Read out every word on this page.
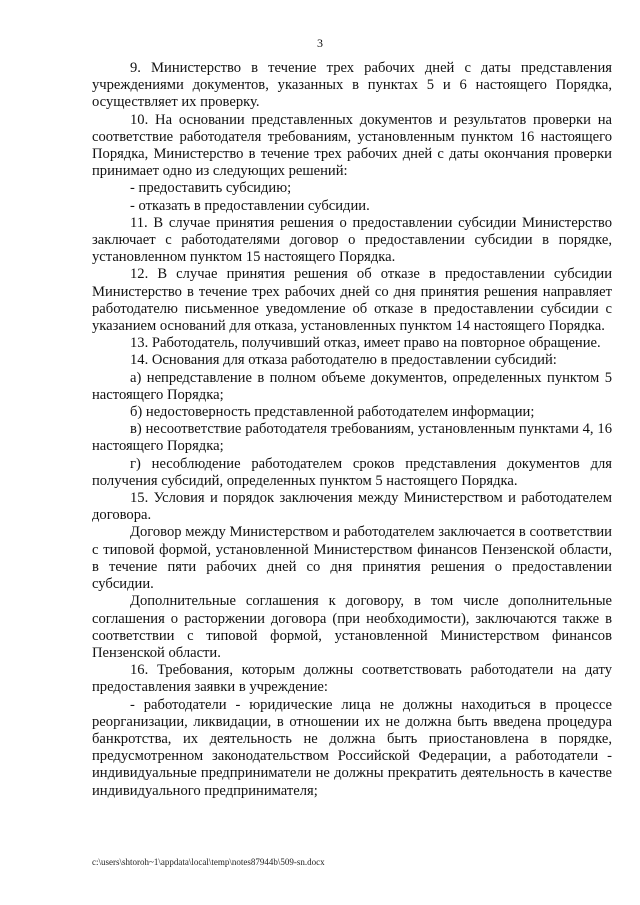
3

9. Министерство в течение трех рабочих дней с даты представления учреждениями документов, указанных в пунктах 5 и 6 настоящего Порядка, осуществляет их проверку.

10. На основании представленных документов и результатов проверки на соответствие работодателя требованиям, установленным пунктом 16 настоящего Порядка, Министерство в течение трех рабочих дней с даты окончания проверки принимает одно из следующих решений:

- предоставить субсидию;

- отказать в предоставлении субсидии.

11. В случае принятия решения о предоставлении субсидии Министерство заключает с работодателями договор о предоставлении субсидии в порядке, установленном пунктом 15 настоящего Порядка.

12. В случае принятия решения об отказе в предоставлении субсидии Министерство в течение трех рабочих дней со дня принятия решения направляет работодателю письменное уведомление об отказе в предоставлении субсидии с указанием оснований для отказа, установленных пунктом 14 настоящего Порядка.

13. Работодатель, получивший отказ, имеет право на повторное обращение.

14. Основания для отказа работодателю в предоставлении субсидий:

а) непредставление в полном объеме документов, определенных пунктом 5 настоящего Порядка;

б) недостоверность представленной работодателем информации;

в) несоответствие работодателя требованиям, установленным пунктами 4, 16 настоящего Порядка;

г) несоблюдение работодателем сроков представления документов для получения субсидий, определенных пунктом 5 настоящего Порядка.

15. Условия и порядок заключения между Министерством и работодателем договора.

Договор между Министерством и работодателем заключается в соответствии с типовой формой, установленной Министерством финансов Пензенской области, в течение пяти рабочих дней со дня принятия решения о предоставлении субсидии.

Дополнительные соглашения к договору, в том числе дополнительные соглашения о расторжении договора (при необходимости), заключаются также в соответствии с типовой формой, установленной Министерством финансов Пензенской области.

16. Требования, которым должны соответствовать работодатели на дату предоставления заявки в учреждение:

- работодатели - юридические лица не должны находиться в процессе реорганизации, ликвидации, в отношении их не должна быть введена процедура банкротства, их деятельность не должна быть приостановлена в порядке, предусмотренном законодательством Российской Федерации, а работодатели - индивидуальные предприниматели не должны прекратить деятельность в качестве индивидуального предпринимателя;

c:\users\shtoroh~1\appdata\local\temp\notes87944b\509-sn.docx
